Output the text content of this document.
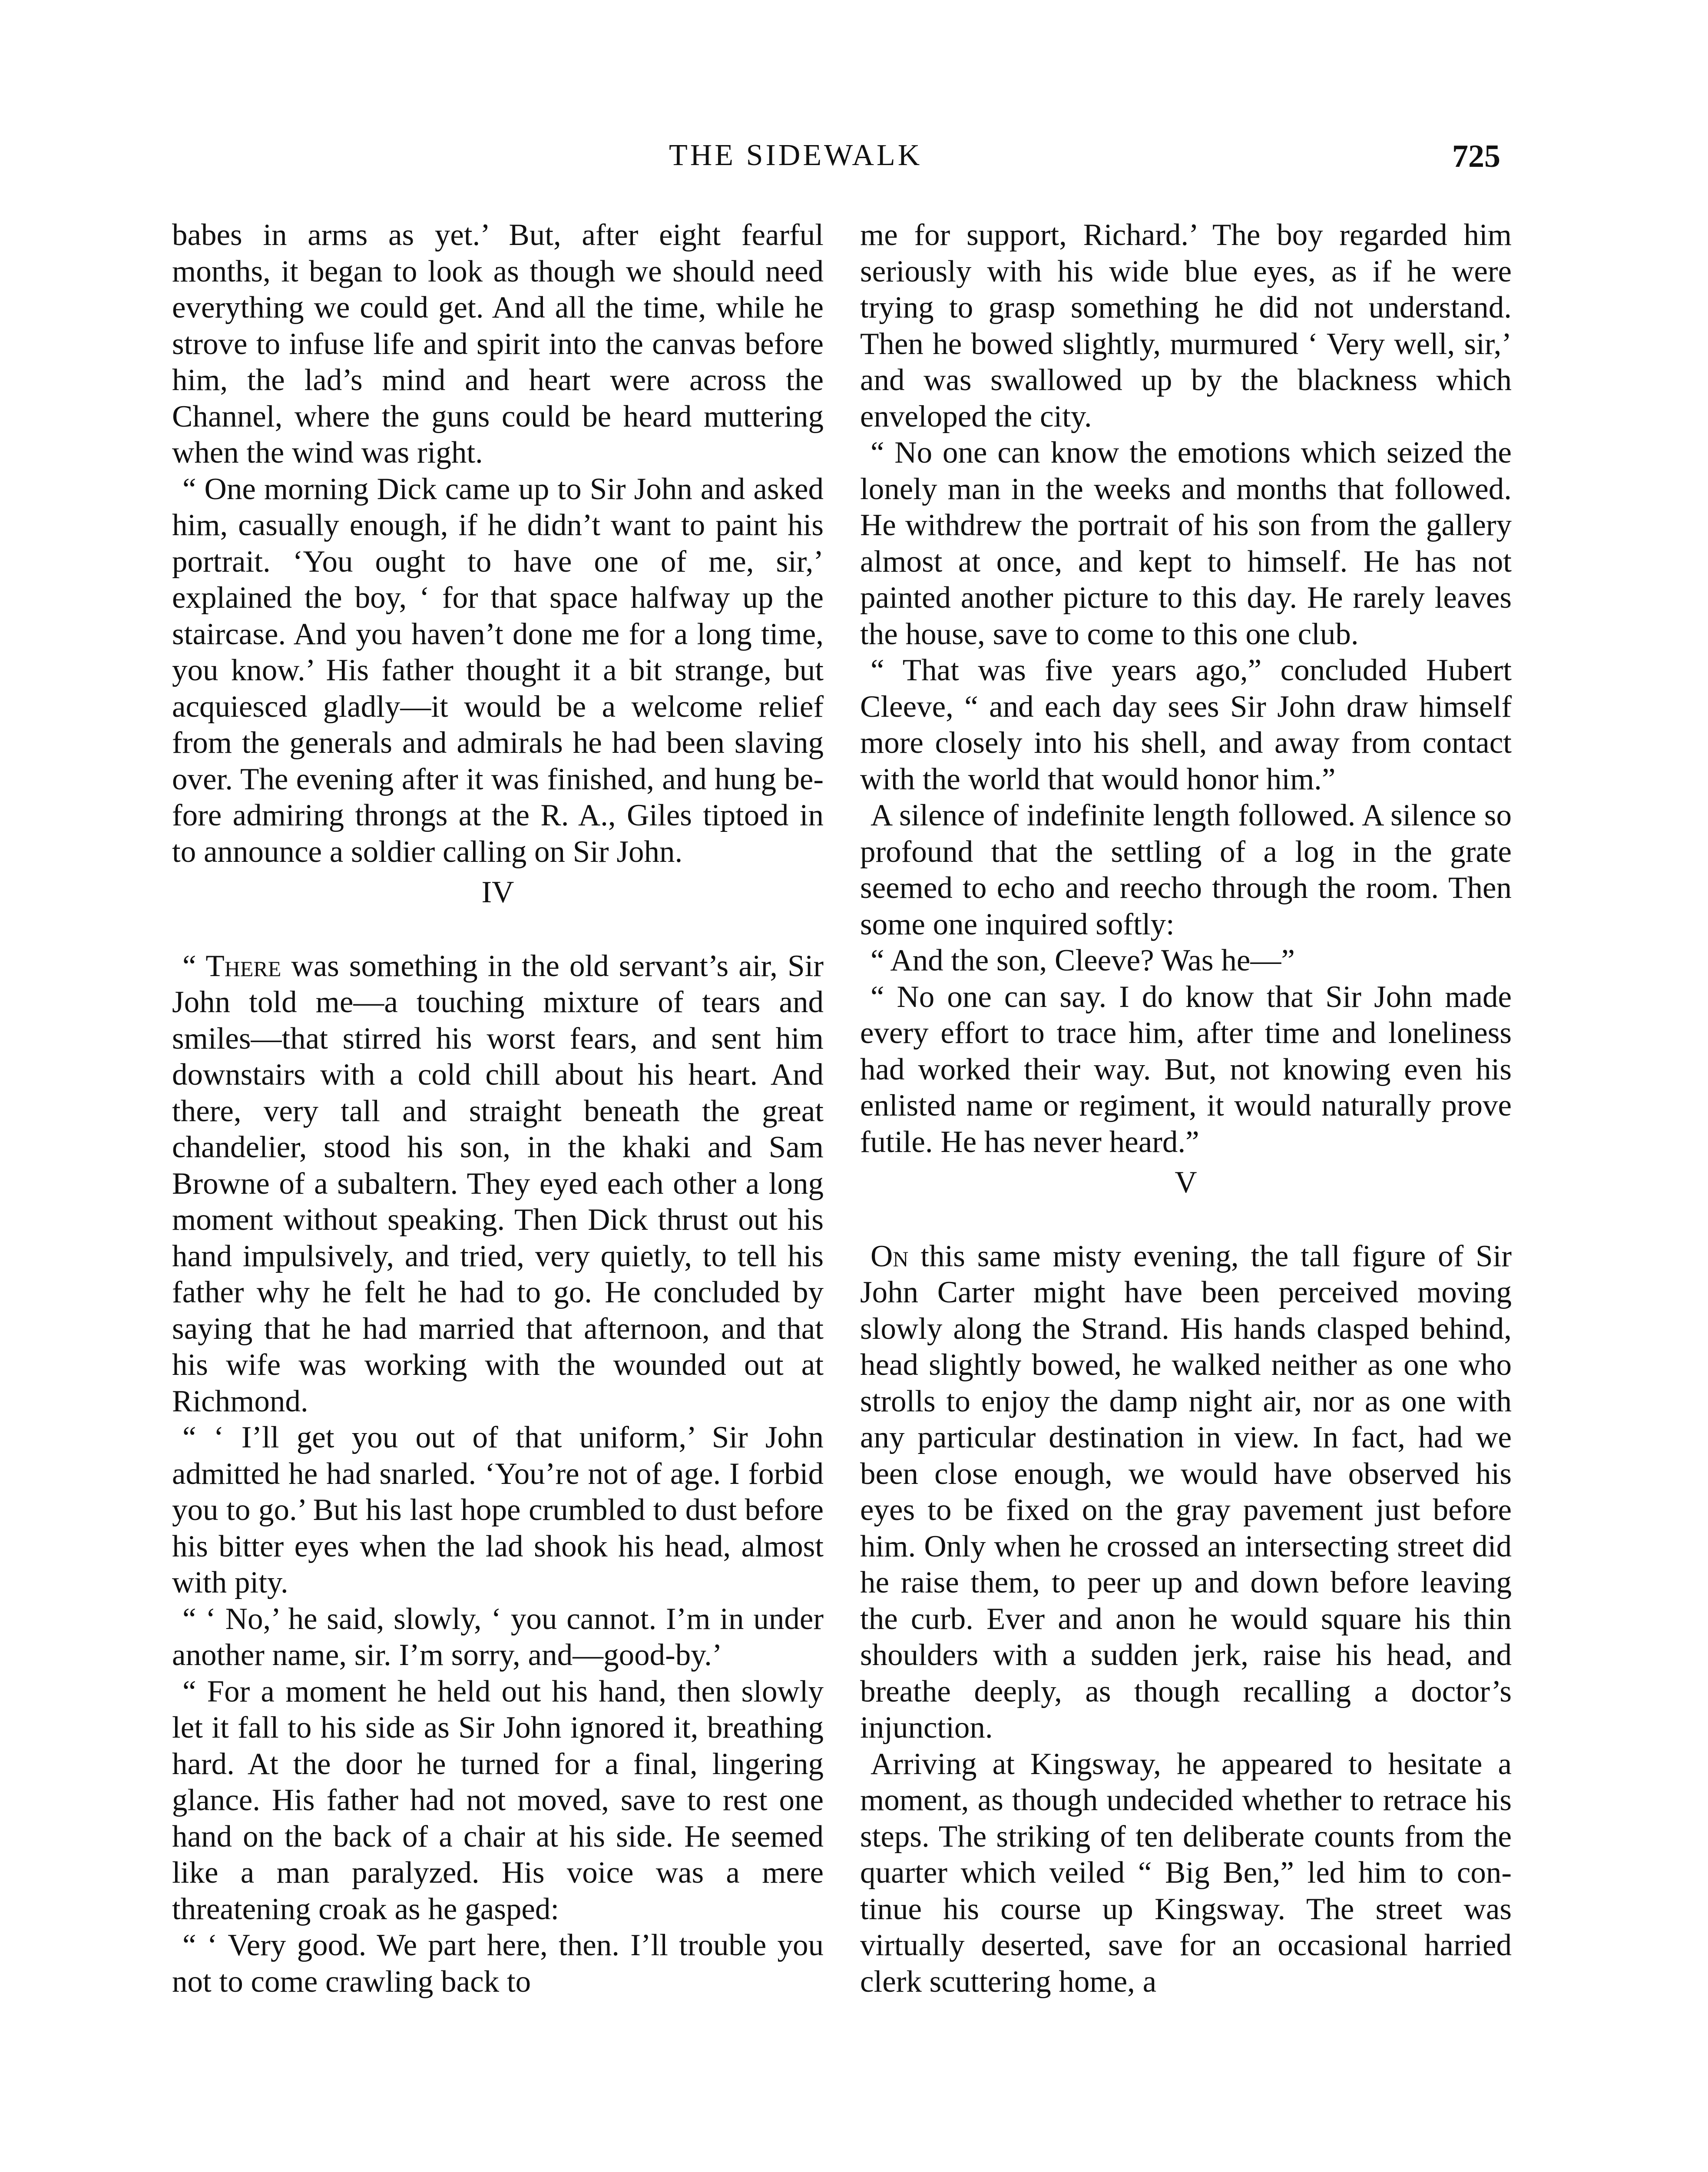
THE SIDEWALK	725

babes in arms as yet.’ But, after eight fearful months, it began to look as though we should need everything we could get. And all the time, while he strove to infuse life and spirit into the canvas before him, the lad’s mind and heart were across the Channel, where the guns could be heard muttering when the wind was right.

“ One morning Dick came up to Sir John and asked him, casually enough, if he didn’t want to paint his portrait. ‘You ought to have one of me, sir,’ explained the boy, ‘ for that space halfway up the staircase. And you haven’t done me for a long time, you know.’ His father thought it a bit strange, but acquiesced gladly—it would be a welcome relief from the generals and admirals he had been slaving over. The evening after it was finished, and hung before admiring throngs at the R. A., Giles tiptoed in to announce a soldier calling on Sir John.

IV

“ There was something in the old servant’s air, Sir John told me—a touching mixture of tears and smiles—that stirred his worst fears, and sent him downstairs with a cold chill about his heart. And there, very tall and straight beneath the great chandelier, stood his son, in the khaki and Sam Browne of a subaltern. They eyed each other a long moment without speaking. Then Dick thrust out his hand impulsively, and tried, very quietly, to tell his father why he felt he had to go. He concluded by saying that he had married that afternoon, and that his wife was working with the wounded out at Richmond.

“ ‘ I’ll get you out of that uniform,’ Sir John admitted he had snarled. ‘You’re not of age. I forbid you to go.’ But his last hope crumbled to dust before his bitter eyes when the lad shook his head, almost with pity.

“ ‘ No,’ he said, slowly, ‘ you cannot. I’m in under another name, sir. I’m sorry, and—good-by.’

“ For a moment he held out his hand, then slowly let it fall to his side as Sir John ignored it, breathing hard. At the door he turned for a final, lingering glance. His father had not moved, save to rest one hand on the back of a chair at his side. He seemed like a man paralyzed. His voice was a mere threatening croak as he gasped:

“ ‘ Very good. We part here, then. I’ll trouble you not to come crawling back to

me for support, Richard.’ The boy regarded him seriously with his wide blue eyes, as if he were trying to grasp something he did not understand. Then he bowed slightly, murmured ‘ Very well, sir,’ and was swallowed up by the blackness which enveloped the city.

“ No one can know the emotions which seized the lonely man in the weeks and months that followed. He withdrew the portrait of his son from the gallery almost at once, and kept to himself. He has not painted another picture to this day. He rarely leaves the house, save to come to this one club.

“ That was five years ago,” concluded Hubert Cleeve, “ and each day sees Sir John draw himself more closely into his shell, and away from contact with the world that would honor him.”

A silence of indefinite length followed. A silence so profound that the settling of a log in the grate seemed to echo and reecho through the room. Then some one inquired softly:

“ And the son, Cleeve? Was he—”

“ No one can say. I do know that Sir John made every effort to trace him, after time and loneliness had worked their way. But, not knowing even his enlisted name or regiment, it would naturally prove futile. He has never heard.”

V

On this same misty evening, the tall figure of Sir John Carter might have been perceived moving slowly along the Strand. His hands clasped behind, head slightly bowed, he walked neither as one who strolls to enjoy the damp night air, nor as one with any particular destination in view. In fact, had we been close enough, we would have observed his eyes to be fixed on the gray pavement just before him. Only when he crossed an intersecting street did he raise them, to peer up and down before leaving the curb. Ever and anon he would square his thin shoulders with a sudden jerk, raise his head, and breathe deeply, as though recalling a doctor’s injunction.

Arriving at Kingsway, he appeared to hesitate a moment, as though undecided whether to retrace his steps. The striking of ten deliberate counts from the quarter which veiled “ Big Ben,” led him to continue his course up Kingsway. The street was virtually deserted, save for an occasional harried clerk scuttering home, a
